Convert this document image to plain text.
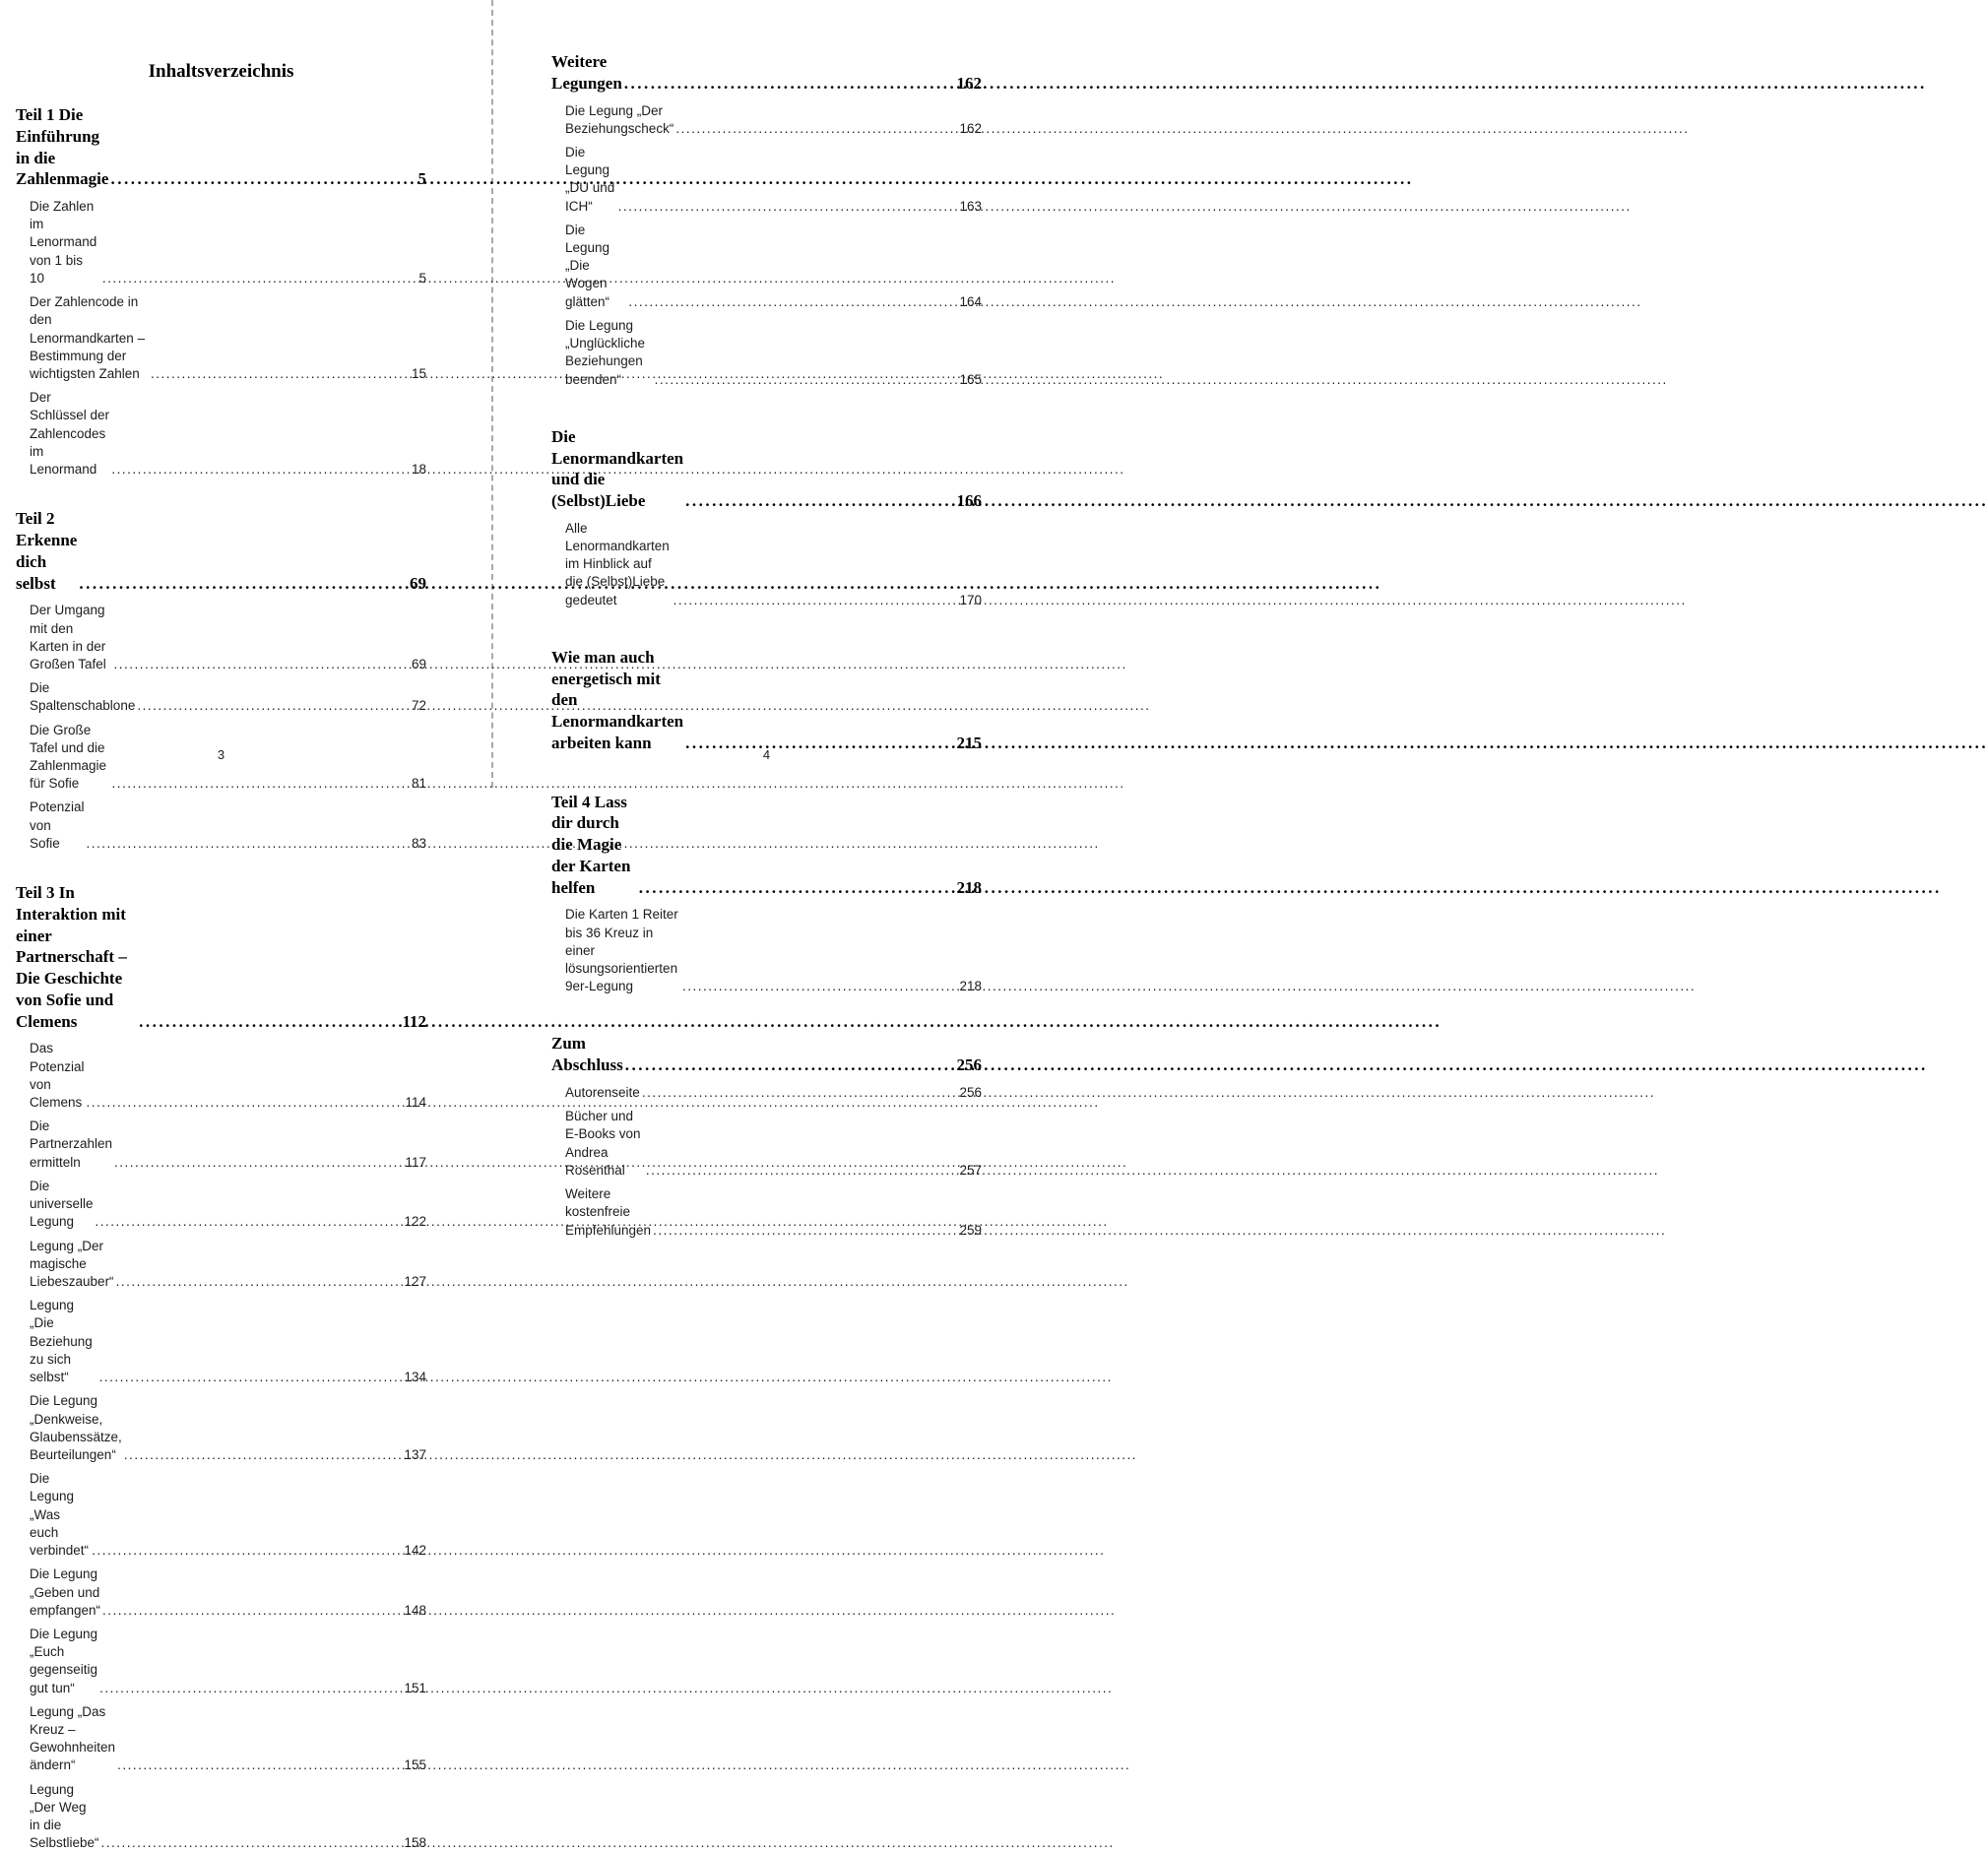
Inhaltsverzeichnis
Teil 1 Die Einführung in die Zahlenmagie .....	5
Die Zahlen im Lenormand von 1 bis 10 .....	5
Der Zahlencode in den Lenormandkarten – Bestimmung der wichtigsten Zahlen .....	15
Der Schlüssel der Zahlencodes im Lenormand .....	18
Teil 2 Erkenne dich selbst .....	69
Der Umgang mit den Karten in der Großen Tafel .....	69
Die Spaltenschablone .....	72
Die Große Tafel und die Zahlenmagie für Sofie .....	81
Potenzial von Sofie .....	83
Teil 3 In Interaktion mit einer Partnerschaft – Die Geschichte von Sofie und Clemens .....	112
Das Potenzial von Clemens .....	114
Die Partnerzahlen ermitteln .....	117
Die universelle Legung .....	122
Legung „Der magische Liebeszauber“ .....	127
Legung „Die Beziehung zu sich selbst“ .....	134
Die Legung „Denkweise, Glaubenssätze, Beurteilungen“ .....	137
Die Legung „Was euch verbindet“ .....	142
Die Legung „Geben und empfangen“ .....	148
Die Legung „Euch gegenseitig gut tun“ .....	151
Legung „Das Kreuz – Gewohnheiten ändern“ .....	155
Legung „Der Weg in die Selbstliebe“ .....	158
3
Weitere Legungen .....	162
Die Legung „Der Beziehungscheck“ .....	162
Die Legung „DU und ICH“ .....	163
Die Legung „Die Wogen glätten“ .....	164
Die Legung „Unglückliche Beziehungen beenden“ .....	165
Die Lenormandkarten und die (Selbst)Liebe .....	166
Alle Lenormandkarten im Hinblick auf die (Selbst)Liebe gedeutet .....	170
Wie man auch energetisch mit den Lenormandkarten arbeiten kann .....	215
Teil 4 Lass dir durch die Magie der Karten helfen .....	218
Die Karten 1 Reiter bis 36 Kreuz in einer lösungsorientierten 9er-Legung .....	218
Zum Abschluss .....	256
Autorenseite .....	256
Bücher und E-Books von Andrea Rosenthal .....	257
Weitere kostenfreie Empfehlungen .....	259
4
